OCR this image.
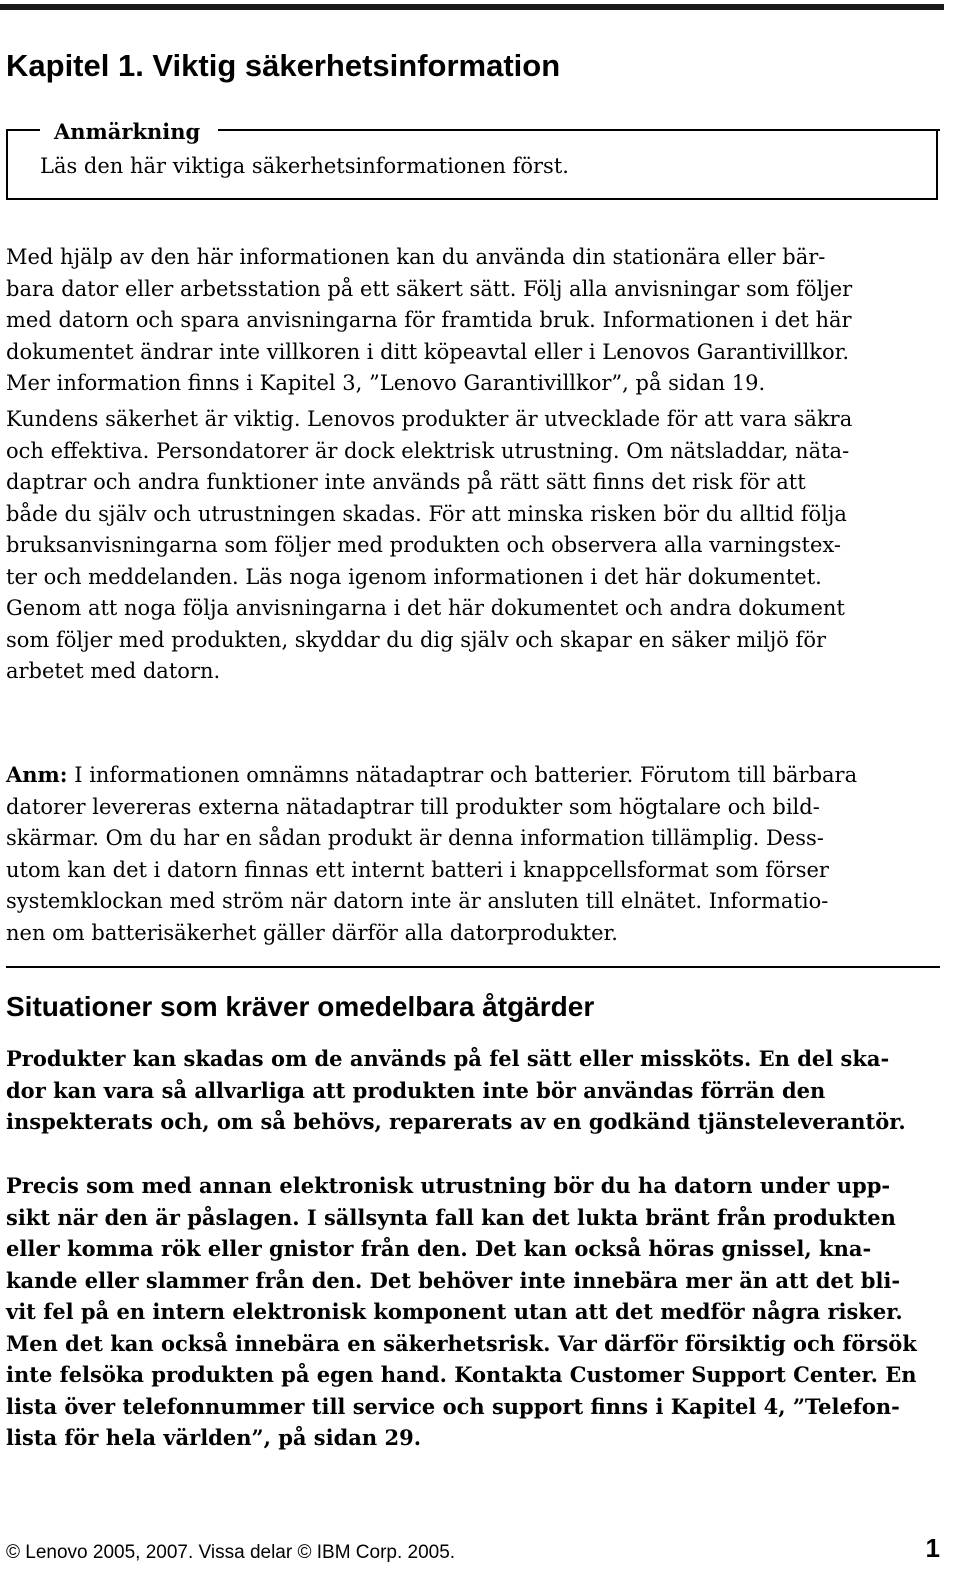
Kapitel 1. Viktig säkerhetsinformation
Anmärkning
Läs den här viktiga säkerhetsinformationen först.

Med hjälp av den här informationen kan du använda din stationära eller bär-
bara dator eller arbetsstation på ett säkert sätt. Följ alla anvisningar som följer
med datorn och spara anvisningarna för framtida bruk. Informationen i det här
dokumentet ändrar inte villkoren i ditt köpeavtal eller i Lenovos Garantivillkor.
Mer information finns i Kapitel 3, ”Lenovo Garantivillkor”, på sidan 19.

Kundens säkerhet är viktig. Lenovos produkter är utvecklade för att vara säkra
och effektiva. Persondatorer är dock elektrisk utrustning. Om nätsladdar, näta-
daptrar och andra funktioner inte används på rätt sätt finns det risk för att
både du själv och utrustningen skadas. För att minska risken bör du alltid följa
bruksanvisningarna som följer med produkten och observera alla varningstex-
ter och meddelanden. Läs noga igenom informationen i det här dokumentet.
Genom att noga följa anvisningarna i det här dokumentet och andra dokument
som följer med produkten, skyddar du dig själv och skapar en säker miljö för
arbetet med datorn.

Anm: I informationen omnämns nätadaptrar och batterier. Förutom till bärbara
datorer levereras externa nätadaptrar till produkter som högtalare och bild-
skärmar. Om du har en sådan produkt är denna information tillämplig. Dess-
utom kan det i datorn finnas ett internt batteri i knappcellsformat som förser
systemklockan med ström när datorn inte är ansluten till elnätet. Informatio-
nen om batterisäkerhet gäller därför alla datorprodukter.

Situationer som kräver omedelbara åtgärder

Produkter kan skadas om de används på fel sätt eller missköts. En del ska-
dor kan vara så allvarliga att produkten inte bör användas förrän den
inspekterats och, om så behövs, reparerats av en godkänd tjänsteleverantör.

Precis som med annan elektronisk utrustning bör du ha datorn under upp-
sikt när den är påslagen. I sällsynta fall kan det lukta bränt från produkten
eller komma rök eller gnistor från den. Det kan också höras gnissel, kna-
kande eller slammer från den. Det behöver inte innebära mer än att det bli-
vit fel på en intern elektronisk komponent utan att det medför några risker.
Men det kan också innebära en säkerhetsrisk. Var därför försiktig och försök
inte felsöka produkten på egen hand. Kontakta Customer Support Center. En
lista över telefonnummer till service och support finns i Kapitel 4, ”Telefon-
lista för hela världen”, på sidan 29.

© Lenovo 2005, 2007. Vissa delar © IBM Corp. 2005.	1
